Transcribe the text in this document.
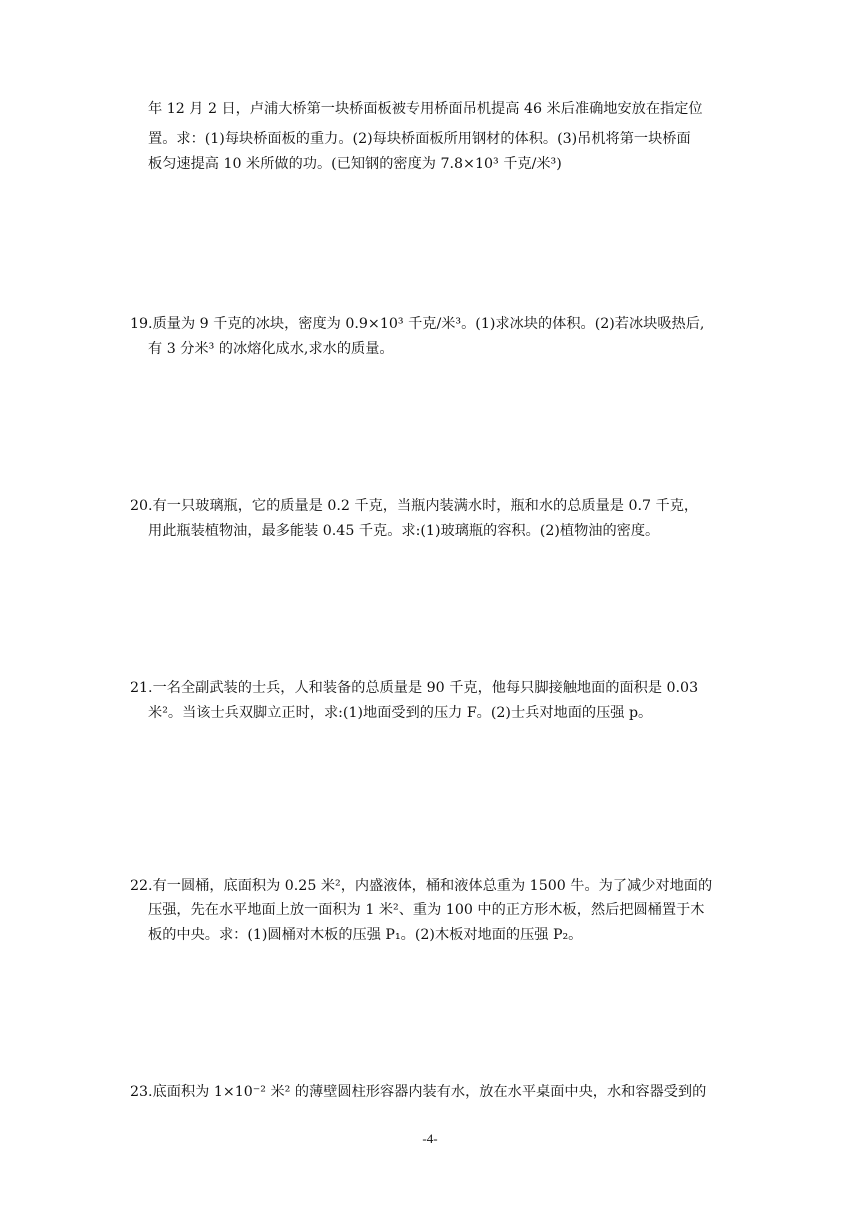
年 12 月 2 日，卢浦大桥第一块桥面板被专用桥面吊机提高 46 米后准确地安放在指定位
置。求：(1)每块桥面板的重力。(2)每块桥面板所用钢材的体积。(3)吊机将第一块桥面
板匀速提高 10 米所做的功。(已知钢的密度为 7.8×10³ 千克/米³)
19.质量为 9 千克的冰块，密度为 0.9×10³ 千克/米³。(1)求冰块的体积。(2)若冰块吸热后,
有 3 分米³ 的冰熔化成水,求水的质量。
20.有一只玻璃瓶，它的质量是 0.2 千克，当瓶内装满水时，瓶和水的总质量是 0.7 千克，
用此瓶装植物油，最多能装 0.45 千克。求:(1)玻璃瓶的容积。(2)植物油的密度。
21.一名全副武装的士兵，人和装备的总质量是 90 千克，他每只脚接触地面的面积是 0.03
米²。当该士兵双脚立正时，求:(1)地面受到的压力 F。(2)士兵对地面的压强 p。
22.有一圆桶，底面积为 0.25 米²，内盛液体，桶和液体总重为 1500 牛。为了减少对地面的
压强，先在水平地面上放一面积为 1 米²、重为 100 中的正方形木板，然后把圆桶置于木
板的中央。求：(1)圆桶对木板的压强 P₁。(2)木板对地面的压强 P₂。
23.底面积为 1×10⁻² 米² 的薄壁圆柱形容器内装有水，放在水平桌面中央，水和容器受到的
-4-
